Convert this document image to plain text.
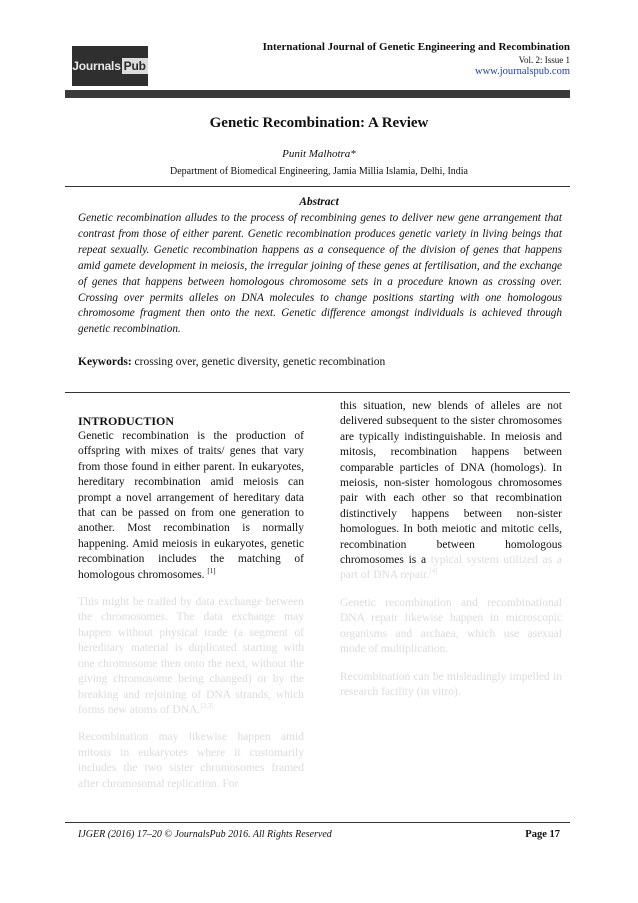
Journals Pub
International Journal of Genetic Engineering and Recombination
Vol. 2: Issue 1
www.journalspub.com
Genetic Recombination: A Review
Punit Malhotra*
Department of Biomedical Engineering, Jamia Millia Islamia, Delhi, India
Abstract
Genetic recombination alludes to the process of recombining genes to deliver new gene arrangement that contrast from those of either parent. Genetic recombination produces genetic variety in living beings that repeat sexually. Genetic recombination happens as a consequence of the division of genes that happens amid gamete development in meiosis, the irregular joining of these genes at fertilisation, and the exchange of genes that happens between homologous chromosome sets in a procedure known as crossing over. Crossing over permits alleles on DNA molecules to change positions starting with one homologous chromosome fragment then onto the next. Genetic difference amongst individuals is achieved through genetic recombination.
Keywords: crossing over, genetic diversity, genetic recombination

INTRODUCTION

Genetic recombination is the production of offspring with mixes of traits/ genes that vary from those found in either parent. In eukaryotes, hereditary recombination amid meiosis can prompt a novel arrangement of hereditary data that can be passed on from one generation to another. Most recombination is normally happening. Amid meiosis in eukaryotes, genetic recombination includes the matching of homologous chromosomes. [1]

This might be trailed by data exchange between the chromosomes. The data exchange may happen without physical trade (a segment of hereditary material is duplicated starting with one chromosome then onto the next, without the giving chromosome being changed) or by the breaking and rejoining of DNA strands, which forms new atoms of DNA.[2,3]

Recombination may likewise happen amid mitosis in eukaryotes where it customarily includes the two sister chromosomes framed after chromosomal replication. For

this situation, new blends of alleles are not delivered subsequent to the sister chromosomes are typically indistinguishable. In meiosis and mitosis, recombination happens between comparable particles of DNA (homologs). In meiosis, non-sister homologous chromosomes pair with each other so that recombination distinctively happens between non-sister homologues. In both meiotic and mitotic cells, recombination between homologous chromosomes is a typical system utilized as a part of DNA repair.[4]

Genetic recombination and recombinational DNA repair likewise happen in microscopic organisms and archaea, which use asexual mode of multiplication.

Recombination can be misleadingly impelled in research facility (in vitro).

IJGER (2016) 17–20 © JournalsPub 2016. All Rights Reserved	Page 17
